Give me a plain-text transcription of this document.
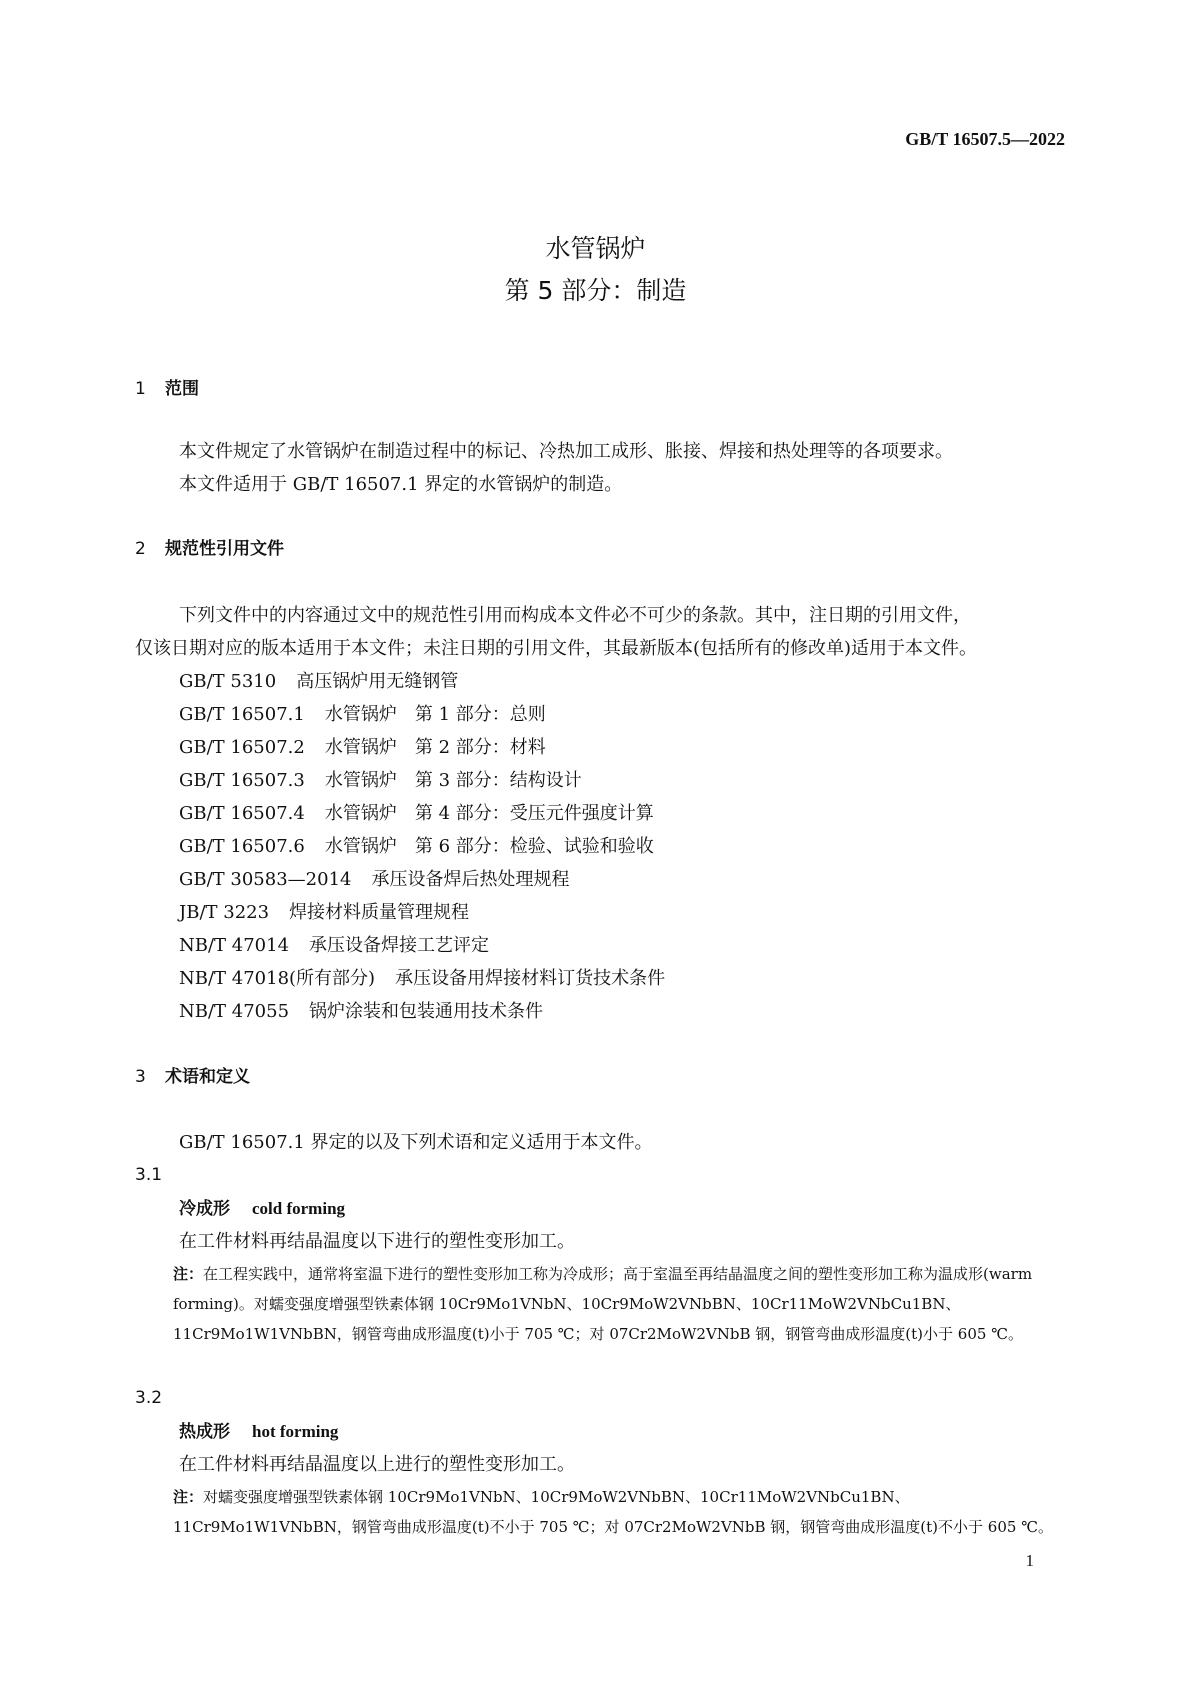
GB/T 16507.5—2022
水管锅炉
第 5 部分：制造
1 范围
本文件规定了水管锅炉在制造过程中的标记、冷热加工成形、胀接、焊接和热处理等的各项要求。
本文件适用于 GB/T 16507.1 界定的水管锅炉的制造。
2 规范性引用文件
下列文件中的内容通过文中的规范性引用而构成本文件必不可少的条款。其中，注日期的引用文件，
仅该日期对应的版本适用于本文件；未注日期的引用文件，其最新版本(包括所有的修改单)适用于本文件。
GB/T 5310 高压锅炉用无缝钢管
GB/T 16507.1 水管锅炉　第 1 部分：总则
GB/T 16507.2 水管锅炉　第 2 部分：材料
GB/T 16507.3 水管锅炉　第 3 部分：结构设计
GB/T 16507.4 水管锅炉　第 4 部分：受压元件强度计算
GB/T 16507.6 水管锅炉　第 6 部分：检验、试验和验收
GB/T 30583—2014 承压设备焊后热处理规程
JB/T 3223 焊接材料质量管理规程
NB/T 47014 承压设备焊接工艺评定
NB/T 47018(所有部分) 承压设备用焊接材料订货技术条件
NB/T 47055 锅炉涂装和包装通用技术条件
3 术语和定义
GB/T 16507.1 界定的以及下列术语和定义适用于本文件。
3.1
冷成形 cold forming
在工件材料再结晶温度以下进行的塑性变形加工。
注：在工程实践中，通常将室温下进行的塑性变形加工称为冷成形；高于室温至再结晶温度之间的塑性变形加工称为温成形(warm forming)。对蠕变强度增强型铁素体钢 10Cr9Mo1VNbN、10Cr9MoW2VNbBN、10Cr11MoW2VNbCu1BN、11Cr9Mo1W1VNbBN，钢管弯曲成形温度(t)小于 705 ℃；对 07Cr2MoW2VNbB 钢，钢管弯曲成形温度(t)小于 605 ℃。
3.2
热成形 hot forming
在工件材料再结晶温度以上进行的塑性变形加工。
注：对蠕变强度增强型铁素体钢 10Cr9Mo1VNbN、10Cr9MoW2VNbBN、10Cr11MoW2VNbCu1BN、11Cr9Mo1W1VNbBN，钢管弯曲成形温度(t)不小于 705 ℃；对 07Cr2MoW2VNbB 钢，钢管弯曲成形温度(t)不小于 605 ℃。
1
